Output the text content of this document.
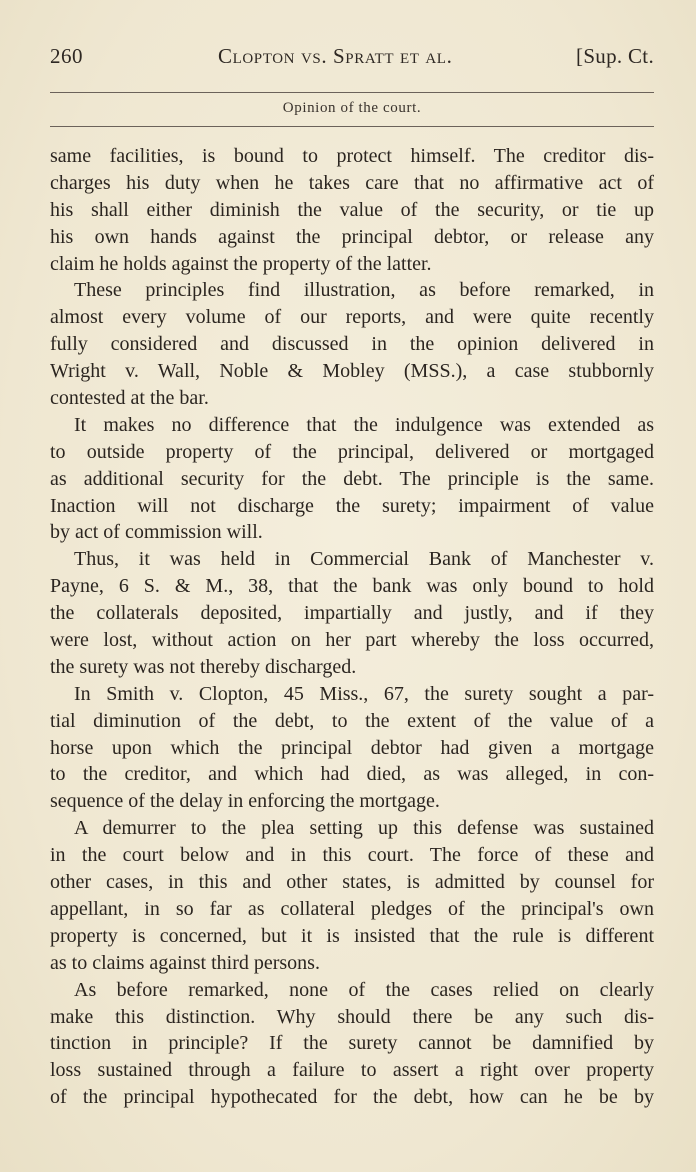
260	Clopton vs. Spratt et al.	[Sup. Ct.
Opinion of the court.
same facilities, is bound to protect himself. The creditor dis-
charges his duty when he takes care that no affirmative act of
his shall either diminish the value of the security, or tie up
his own hands against the principal debtor, or release any
claim he holds against the property of the latter.
These principles find illustration, as before remarked, in
almost every volume of our reports, and were quite recently
fully considered and discussed in the opinion delivered in
Wright v. Wall, Noble & Mobley (MSS.), a case stubbornly
contested at the bar.
It makes no difference that the indulgence was extended as
to outside property of the principal, delivered or mortgaged
as additional security for the debt. The principle is the same.
Inaction will not discharge the surety; impairment of value
by act of commission will.
Thus, it was held in Commercial Bank of Manchester v.
Payne, 6 S. & M., 38, that the bank was only bound to hold
the collaterals deposited, impartially and justly, and if they
were lost, without action on her part whereby the loss occurred,
the surety was not thereby discharged.
In Smith v. Clopton, 45 Miss., 67, the surety sought a par-
tial diminution of the debt, to the extent of the value of a
horse upon which the principal debtor had given a mortgage
to the creditor, and which had died, as was alleged, in con-
sequence of the delay in enforcing the mortgage.
A demurrer to the plea setting up this defense was sustained
in the court below and in this court. The force of these and
other cases, in this and other states, is admitted by counsel for
appellant, in so far as collateral pledges of the principal's own
property is concerned, but it is insisted that the rule is different
as to claims against third persons.
As before remarked, none of the cases relied on clearly
make this distinction. Why should there be any such dis-
tinction in principle? If the surety cannot be damnified by
loss sustained through a failure to assert a right over property
of the principal hypothecated for the debt, how can he be by
